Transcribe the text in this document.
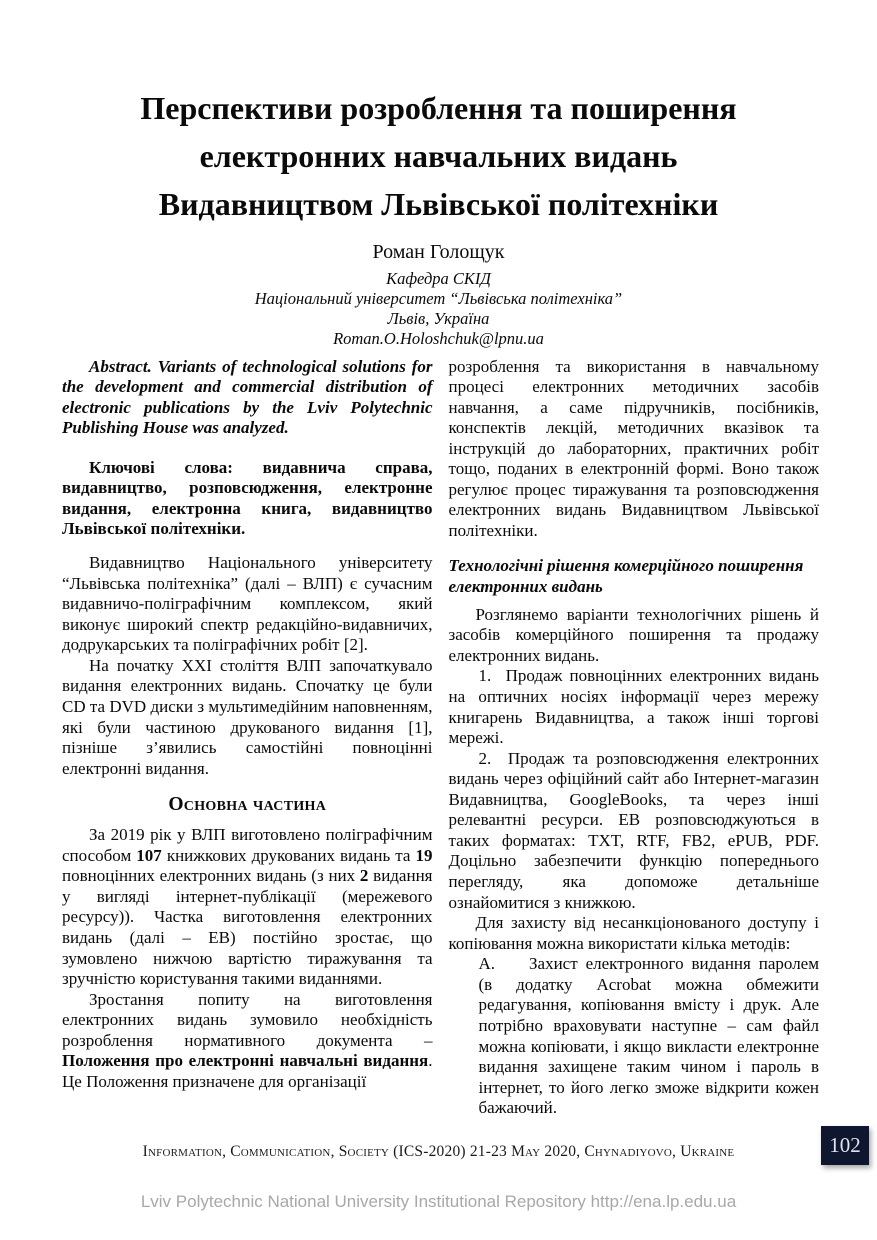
Перспективи розроблення та поширення
електронних навчальних видань
Видавництвом Львівської політехніки
Роман Голощук
Кафедра СКІД
Національний університет “Львівська політехніка”
Львів, Україна
Roman.O.Holoshchuk@lpnu.ua

Abstract. Variants of technological solutions for the development and commercial distribution of electronic publications by the Lviv Polytechnic Publishing House was analyzed.

Ключові слова: видавнича справа, видавництво, розповсюдження, електронне видання, електронна книга, видавництво Львівської політехніки.

Видавництво Національного університету “Львівська політехніка” (далі – ВЛП) є сучасним видавничо-поліграфічним комплексом, який виконує широкий спектр редакційно-видавничих, додрукарських та поліграфічних робіт [2].

На початку XXI століття ВЛП започаткувало видання електронних видань. Спочатку це були CD та DVD диски з мультимедійним наповненням, які були частиною друкованого видання [1], пізніше з’явились самостійні повноцінні електронні видання.

Основна частина

За 2019 рік у ВЛП виготовлено поліграфічним способом 107 книжкових друкованих видань та 19 повноцінних електронних видань (з них 2 видання у вигляді інтернет-публікації (мережевого ресурсу)). Частка виготовлення електронних видань (далі – ЕВ) постійно зростає, що зумовлено нижчою вартістю тиражування та зручністю користування такими виданнями.

Зростання попиту на виготовлення електронних видань зумовило необхідність розроблення нормативного документа – Положення про електронні навчальні видання. Це Положення призначене для організації

розроблення та використання в навчальному процесі електронних методичних засобів навчання, а саме підручників, посібників, конспектів лекцій, методичних вказівок та інструкцій до лабораторних, практичних робіт тощо, поданих в електронній формі. Воно також регулює процес тиражування та розповсюдження електронних видань Видавництвом Львівської політехніки.

Технологічні рішення комерційного поширення електронних видань

Розглянемо варіанти технологічних рішень й засобів комерційного поширення та продажу електронних видань.

1.  Продаж повноцінних електронних видань на оптичних носіях інформації через мережу книгарень Видавництва, а також інші торгові мережі.

2.  Продаж та розповсюдження електронних видань через офіційний сайт або Інтернет-магазин Видавництва, GoogleBooks, та через інші релевантні ресурси. ЕВ розповсюджуються в таких форматах: TXT, RTF, FB2, ePUB, PDF. Доцільно забезпечити функцію попереднього перегляду, яка допоможе детальніше ознайомитися з книжкою.

Для захисту від несанкціонованого доступу і копіювання можна використати кілька методів:

А.  Захист електронного видання паролем (в додатку Acrobat можна обмежити редагування, копіювання вмісту і друк. Але потрібно враховувати наступне – сам файл можна копіювати, і якщо викласти електронне видання захищене таким чином і пароль в інтернет, то його легко зможе відкрити кожен бажаючий.

Information, Communication, Society (ICS-2020) 21-23 May 2020, Chynadiyovo, Ukraine	102
Lviv Polytechnic National University Institutional Repository http://ena.lp.edu.ua
